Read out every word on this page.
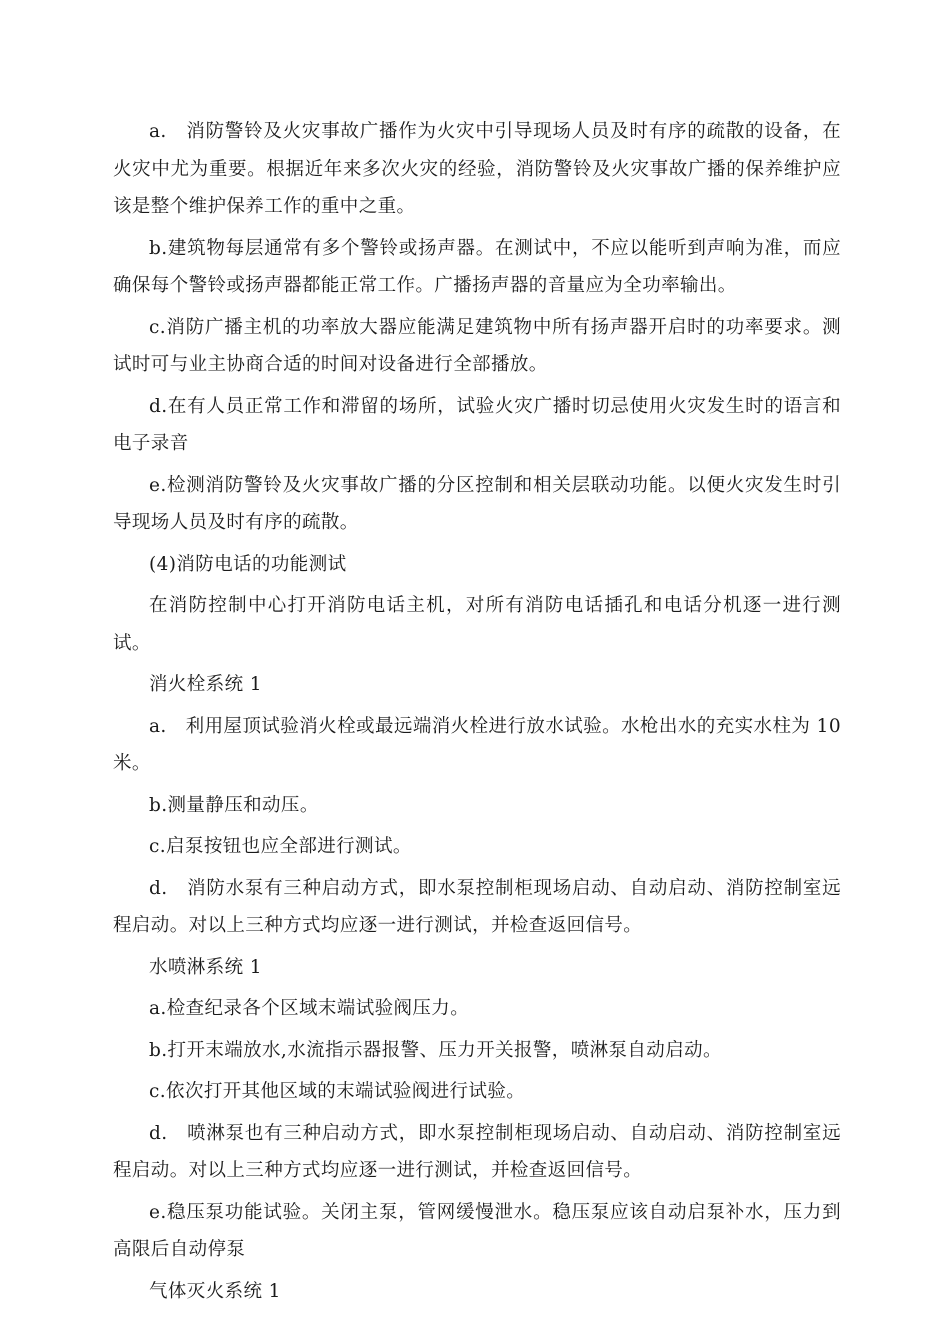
a.　消防警铃及火灾事故广播作为火灾中引导现场人员及时有序的疏散的设备，在火灾中尤为重要。根据近年来多次火灾的经验，消防警铃及火灾事故广播的保养维护应该是整个维护保养工作的重中之重。

b.建筑物每层通常有多个警铃或扬声器。在测试中，不应以能听到声响为准，而应确保每个警铃或扬声器都能正常工作。广播扬声器的音量应为全功率输出。

c.消防广播主机的功率放大器应能满足建筑物中所有扬声器开启时的功率要求。测试时可与业主协商合适的时间对设备进行全部播放。

d.在有人员正常工作和滞留的场所，试验火灾广播时切忌使用火灾发生时的语言和电子录音

e.检测消防警铃及火灾事故广播的分区控制和相关层联动功能。以便火灾发生时引导现场人员及时有序的疏散。

(4)消防电话的功能测试

在消防控制中心打开消防电话主机，对所有消防电话插孔和电话分机逐一进行测试。

消火栓系统 1

a.　利用屋顶试验消火栓或最远端消火栓进行放水试验。水枪出水的充实水柱为 10 米。

b.测量静压和动压。

c.启泵按钮也应全部进行测试。

d.　消防水泵有三种启动方式，即水泵控制柜现场启动、自动启动、消防控制室远程启动。对以上三种方式均应逐一进行测试，并检查返回信号。

水喷淋系统 1

a.检查纪录各个区域末端试验阀压力。

b.打开末端放水,水流指示器报警、压力开关报警，喷淋泵自动启动。

c.依次打开其他区域的末端试验阀进行试验。

d.　喷淋泵也有三种启动方式，即水泵控制柜现场启动、自动启动、消防控制室远程启动。对以上三种方式均应逐一进行测试，并检查返回信号。

e.稳压泵功能试验。关闭主泵，管网缓慢泄水。稳压泵应该自动启泵补水，压力到高限后自动停泵

气体灭火系统 1
